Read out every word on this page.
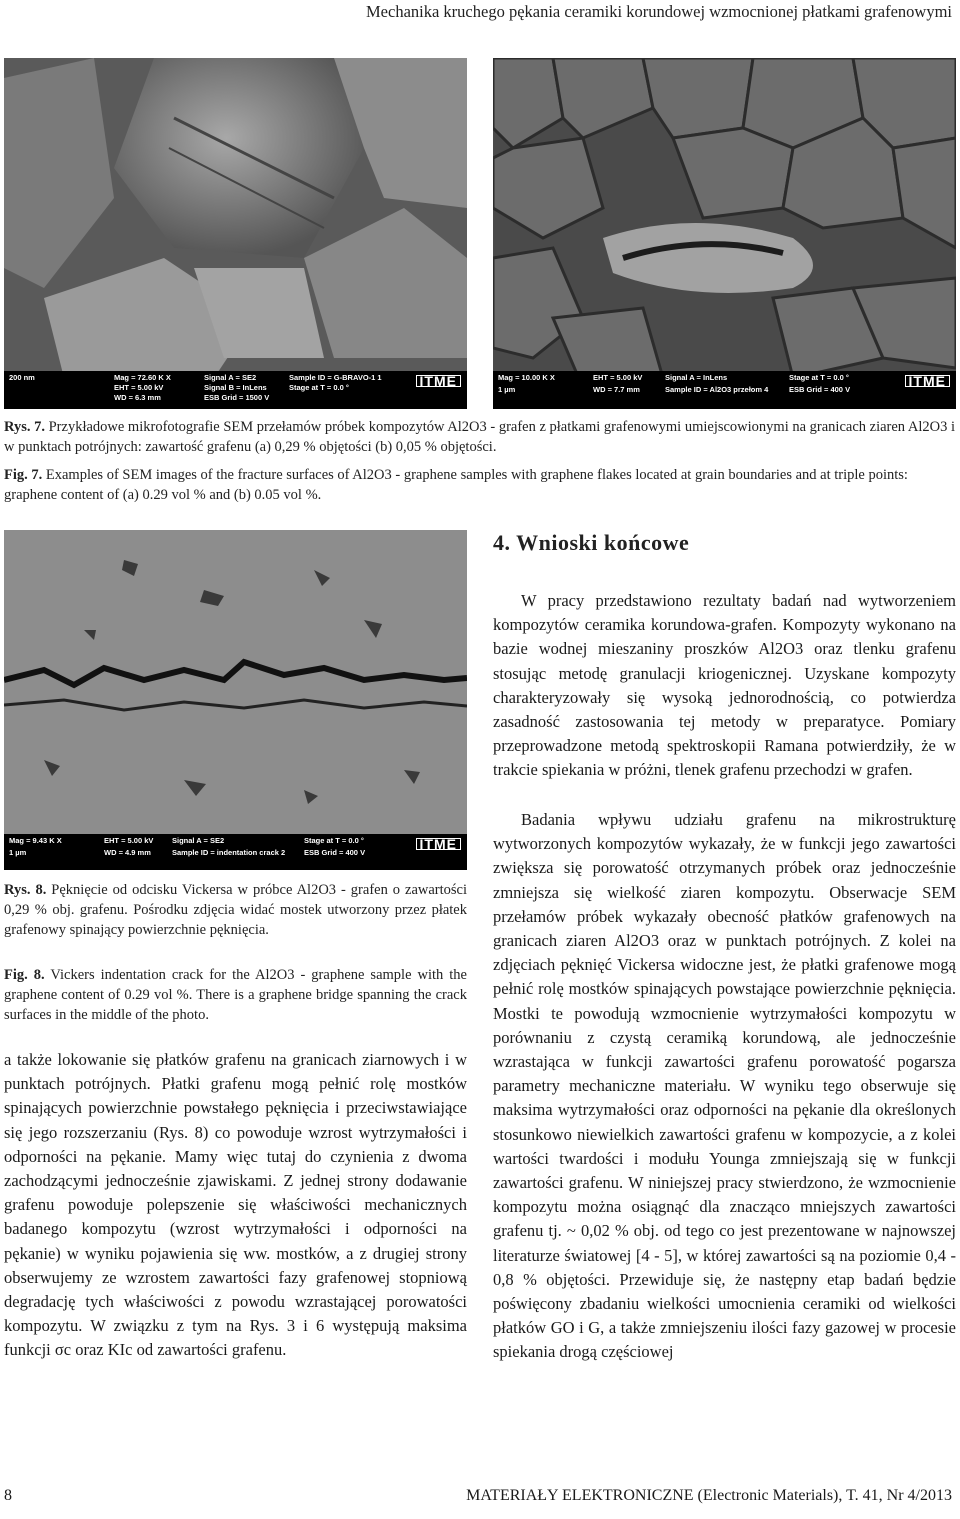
Mechanika kruchego pękania ceramiki korundowej wzmocnionej płatkami grafenowymi
200 nm	Mag = 72.60 K X
EHT = 5.00 kV
WD = 6.3 mm
Signal A = SE2
Signal B = InLens
ESB Grid = 1500 V
Sample ID = G-BRAVO-1 1
Stage at T = 0.0 °	ITME	Mag = 10.00 K X
1 µm
EHT = 5.00 kV
WD = 7.7 mm
Signal A = InLens
Sample ID = Al2O3 przełom 4
Stage at T = 0.0 °
ESB Grid = 400 V
ITME
Rys. 7. Przykładowe mikrofotografie SEM przełamów próbek kompozytów Al2O3 - grafen z płatkami grafenowymi umiejscowionymi na granicach ziaren Al2O3 i w punktach potrójnych: zawartość grafenu (a) 0,29 % objętości (b) 0,05 % objętości.
Fig. 7. Examples of SEM images of the fracture surfaces of Al2O3 - graphene samples with graphene flakes located at grain boundaries and at triple points: graphene content of (a) 0.29 vol % and (b) 0.05 vol %.
Mag = 9.43 K X
1 µm
EHT = 5.00 kV
WD = 4.9 mm
Signal A = SE2
Sample ID = indentation crack 2
Stage at T = 0.0 °
ESB Grid = 400 V
ITME
Rys. 8. Pęknięcie od odcisku Vickersa w próbce Al2O3 - grafen o zawartości 0,29 % obj. grafenu. Pośrodku zdjęcia widać mostek utworzony przez płatek grafenowy spinający powierzchnie pęknięcia.
Fig. 8. Vickers indentation crack for the Al2O3 - graphene sample with the graphene content of 0.29 vol %. There is a graphene bridge spanning the crack surfaces in the middle of the photo.
a także lokowanie się płatków grafenu na granicach ziarnowych i w punktach potrójnych. Płatki grafenu mogą pełnić rolę mostków spinających powierzchnie powstałego pęknięcia i przeciwstawiające się jego rozszerzaniu (Rys. 8) co powoduje wzrost wytrzymałości i odporności na pękanie. Mamy więc tutaj do czynienia z dwoma zachodzącymi jednocześnie zjawiskami. Z jednej strony dodawanie grafenu powoduje polepszenie się właściwości mechanicznych badanego kompozytu (wzrost wytrzymałości i odporności na pękanie) w wyniku pojawienia się ww. mostków, a z drugiej strony obserwujemy ze wzrostem zawartości fazy grafenowej stopniową degradację tych właściwości z powodu wzrastającej porowatości kompozytu. W związku z tym na Rys. 3 i 6 występują maksima funkcji σc oraz KIc od zawartości grafenu.
4. Wnioski końcowe
W pracy przedstawiono rezultaty badań nad wytworzeniem kompozytów ceramika korundowa-grafen. Kompozyty wykonano na bazie wodnej mieszaniny proszków Al2O3 oraz tlenku grafenu stosując metodę granulacji kriogenicznej. Uzyskane kompozyty charakteryzowały się wysoką jednorodnością, co potwierdza zasadność zastosowania tej metody w preparatyce. Pomiary przeprowadzone metodą spektroskopii Ramana potwierdziły, że w trakcie spiekania w próżni, tlenek grafenu przechodzi w grafen.
Badania wpływu udziału grafenu na mikrostrukturę wytworzonych kompozytów wykazały, że w funkcji jego zawartości zwiększa się porowatość otrzymanych próbek oraz jednocześnie zmniejsza się wielkość ziaren kompozytu. Obserwacje SEM przełamów próbek wykazały obecność płatków grafenowych na granicach ziaren Al2O3 oraz w punktach potrójnych. Z kolei na zdjęciach pęknięć Vickersa widoczne jest, że płatki grafenowe mogą pełnić rolę mostków spinających powstające powierzchnie pęknięcia. Mostki te powodują wzmocnienie wytrzymałości kompozytu w porównaniu z czystą ceramiką korundową, ale jednocześnie wzrastająca w funkcji zawartości grafenu porowatość pogarsza parametry mechaniczne materiału. W wyniku tego obserwuje się maksima wytrzymałości oraz odporności na pękanie dla określonych stosunkowo niewielkich zawartości grafenu w kompozycie, a z kolei wartości twardości i modułu Younga zmniejszają się w funkcji zawartości grafenu. W niniejszej pracy stwierdzono, że wzmocnienie kompozytu można osiągnąć dla znacząco mniejszych zawartości grafenu tj. ~ 0,02 % obj. od tego co jest prezentowane w najnowszej literaturze światowej [4 - 5], w której zawartości są na poziomie 0,4 - 0,8 % objętości. Przewiduje się, że następny etap badań będzie poświęcony zbadaniu wielkości umocnienia ceramiki od wielkości płatków GO i G, a także zmniejszeniu ilości fazy gazowej w procesie spiekania drogą częściowej
8	MATERIAŁY ELEKTRONICZNE (Electronic Materials), T. 41, Nr 4/2013
